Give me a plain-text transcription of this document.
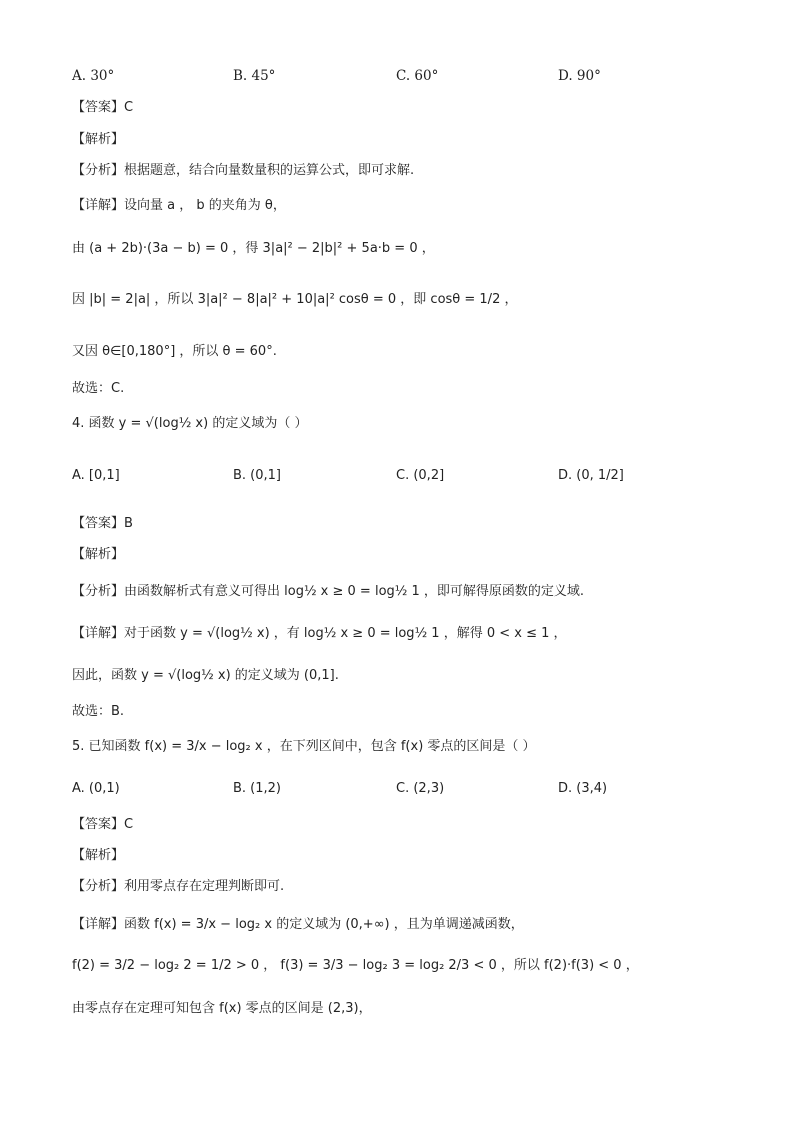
A. 30°	B. 45°	C. 60°	D. 90°
【答案】C
【解析】
【分析】根据题意，结合向量数量积的运算公式，即可求解.
【详解】设向量 a ， b 的夹角为 θ，
由 (a + 2b)·(3a − b) = 0 ，得 3|a|² − 2|b|² + 5a·b = 0 ，
因 |b| = 2|a| ，所以 3|a|² − 8|a|² + 10|a|² cosθ = 0 ，即 cosθ = 1/2 ，
又因 θ∈[0,180°] ，所以 θ = 60°.
故选：C.
4. 函数 y = √(log½ x) 的定义域为（ ）
A. [0,1]	B. (0,1]	C. (0,2]	D. (0, 1/2]
【答案】B
【解析】
【分析】由函数解析式有意义可得出 log½ x ≥ 0 = log½ 1 ，即可解得原函数的定义域.
【详解】对于函数 y = √(log½ x) ，有 log½ x ≥ 0 = log½ 1 ，解得 0 < x ≤ 1 ，
因此，函数 y = √(log½ x) 的定义域为 (0,1].
故选：B.
5. 已知函数 f(x) = 3/x − log₂ x ，在下列区间中，包含 f(x) 零点的区间是（ ）
A. (0,1)	B. (1,2)	C. (2,3)	D. (3,4)
【答案】C
【解析】
【分析】利用零点存在定理判断即可.
【详解】函数 f(x) = 3/x − log₂ x 的定义域为 (0,+∞) ，且为单调递减函数，
f(2) = 3/2 − log₂ 2 = 1/2 > 0 ， f(3) = 3/3 − log₂ 3 = log₂ 2/3 < 0 ，所以 f(2)·f(3) < 0 ，
由零点存在定理可知包含 f(x) 零点的区间是 (2,3)，
